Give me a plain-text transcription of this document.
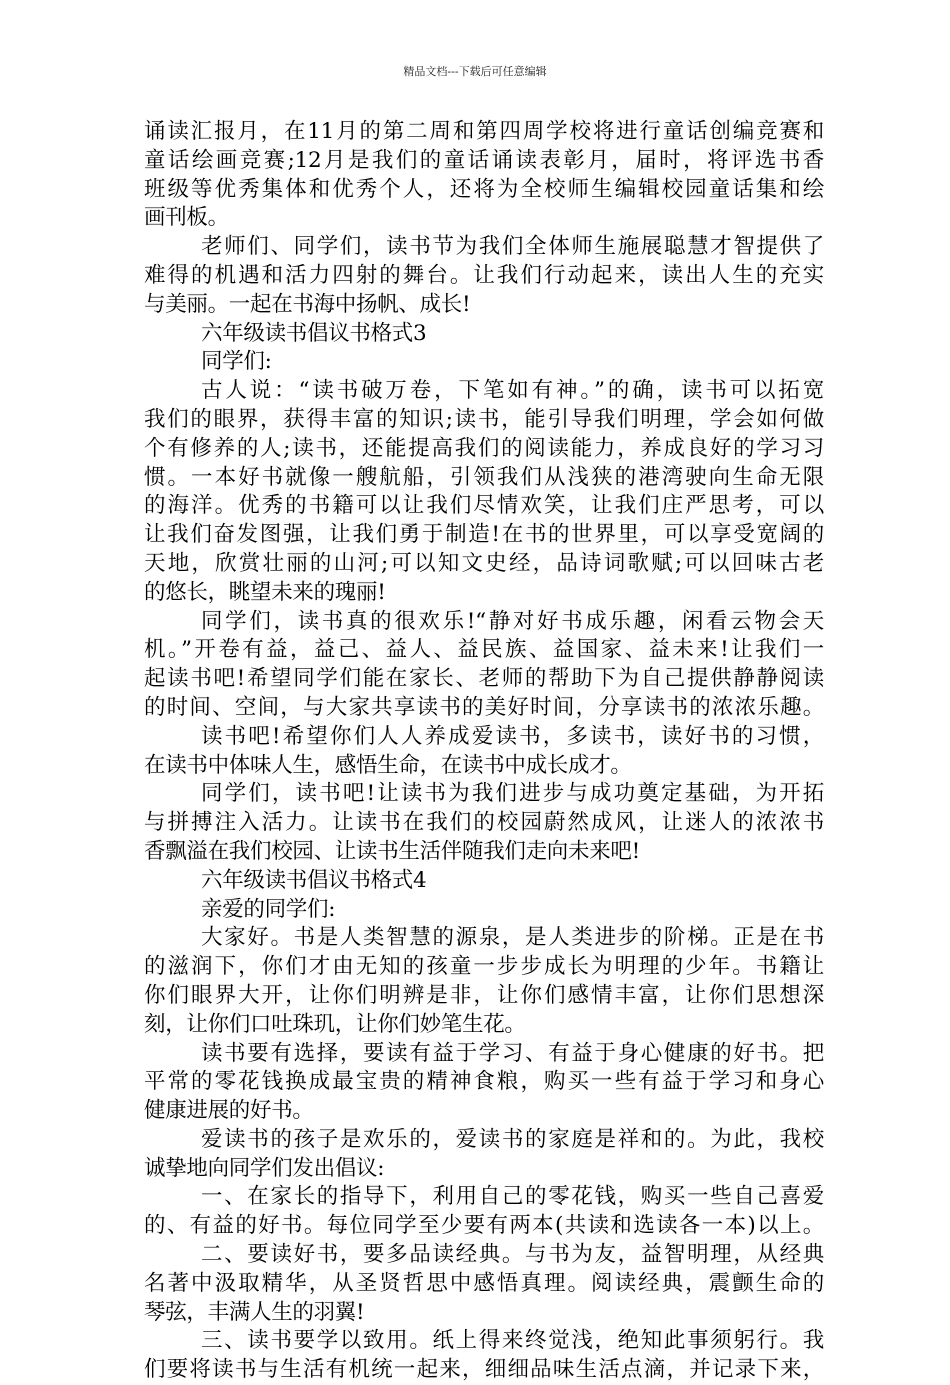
精品文档---下载后可任意编辑
诵读汇报月，在11月的第二周和第四周学校将进行童话创编竞赛和
童话绘画竞赛;12月是我们的童话诵读表彰月，届时，将评选书香
班级等优秀集体和优秀个人，还将为全校师生编辑校园童话集和绘
画刊板。
老师们、同学们，读书节为我们全体师生施展聪慧才智提供了
难得的机遇和活力四射的舞台。让我们行动起来，读出人生的充实
与美丽。一起在书海中扬帆、成长!
六年级读书倡议书格式3
同学们:
古人说：“读书破万卷，下笔如有神。”的确，读书可以拓宽
我们的眼界，获得丰富的知识;读书，能引导我们明理，学会如何做
个有修养的人;读书，还能提高我们的阅读能力，养成良好的学习习
惯。一本好书就像一艘航船，引领我们从浅狭的港湾驶向生命无限
的海洋。优秀的书籍可以让我们尽情欢笑，让我们庄严思考，可以
让我们奋发图强，让我们勇于制造!在书的世界里，可以享受宽阔的
天地，欣赏壮丽的山河;可以知文史经，品诗词歌赋;可以回味古老
的悠长，眺望未来的瑰丽!
同学们，读书真的很欢乐!“静对好书成乐趣，闲看云物会天
机。”开卷有益，益己、益人、益民族、益国家、益未来!让我们一
起读书吧!希望同学们能在家长、老师的帮助下为自己提供静静阅读
的时间、空间，与大家共享读书的美好时间，分享读书的浓浓乐趣。
读书吧!希望你们人人养成爱读书，多读书，读好书的习惯，
在读书中体味人生，感悟生命，在读书中成长成才。
同学们，读书吧!让读书为我们进步与成功奠定基础，为开拓
与拼搏注入活力。让读书在我们的校园蔚然成风，让迷人的浓浓书
香飘溢在我们校园、让读书生活伴随我们走向未来吧!
六年级读书倡议书格式4
亲爱的同学们:
大家好。书是人类智慧的源泉，是人类进步的阶梯。正是在书
的滋润下，你们才由无知的孩童一步步成长为明理的少年。书籍让
你们眼界大开，让你们明辨是非，让你们感情丰富，让你们思想深
刻，让你们口吐珠玑，让你们妙笔生花。
读书要有选择，要读有益于学习、有益于身心健康的好书。把
平常的零花钱换成最宝贵的精神食粮，购买一些有益于学习和身心
健康进展的好书。
爱读书的孩子是欢乐的，爱读书的家庭是祥和的。为此，我校
诚挚地向同学们发出倡议:
一、在家长的指导下，利用自己的零花钱，购买一些自己喜爱
的、有益的好书。每位同学至少要有两本(共读和选读各一本)以上。
二、要读好书，要多品读经典。与书为友，益智明理，从经典
名著中汲取精华，从圣贤哲思中感悟真理。阅读经典，震颤生命的
琴弦，丰满人生的羽翼!
三、读书要学以致用。纸上得来终觉浅，绝知此事须躬行。我
们要将读书与生活有机统一起来，细细品味生活点滴，并记录下来，
